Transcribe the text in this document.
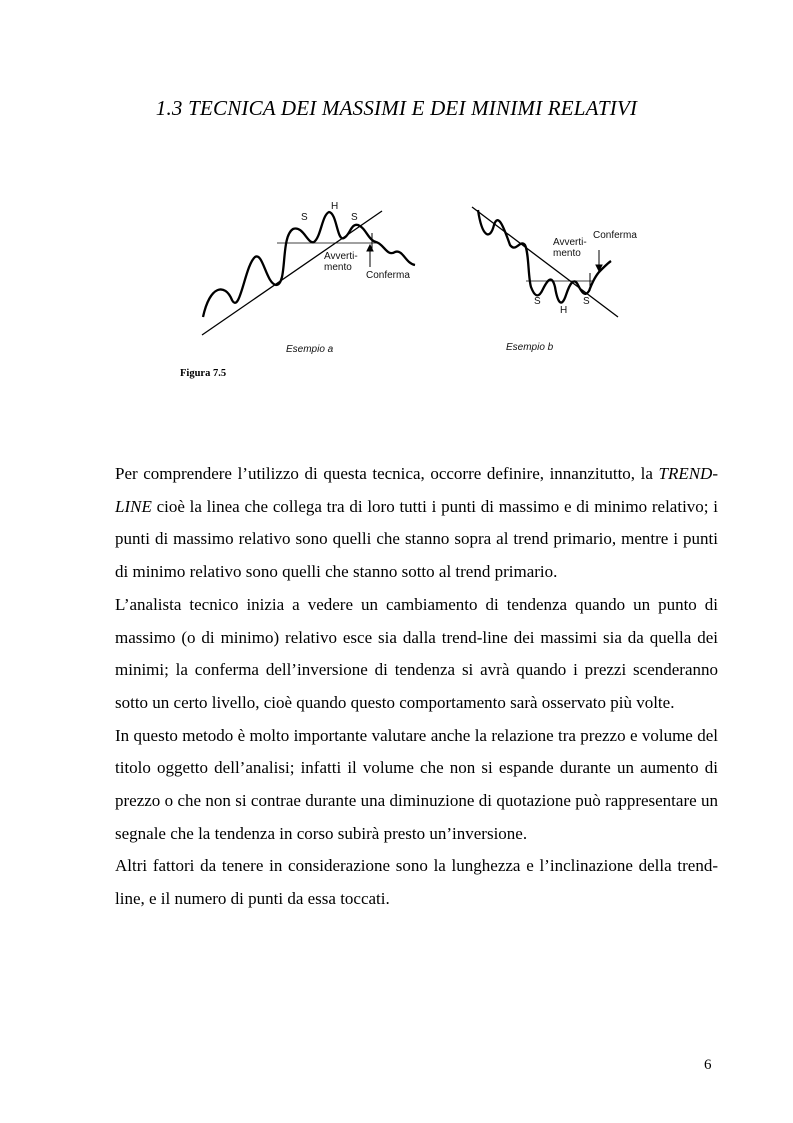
1.3 TECNICA DEI MASSIMI E DEI MINIMI RELATIVI
S
H
S
Avverti-
mento
Conferma
Esempio a
S
H
S
Avverti-
mento
Conferma
Esempio b
Figura 7.5

Per comprendere l’utilizzo di questa tecnica, occorre definire, innanzitutto, la TREND-LINE cioè la linea che collega tra di loro tutti i punti di massimo e di minimo relativo; i punti di massimo relativo sono quelli che stanno sopra al trend primario, mentre i punti di minimo relativo sono quelli che stanno sotto al trend primario.

L’analista tecnico inizia a vedere un cambiamento di tendenza quando un punto di massimo (o di minimo) relativo esce sia dalla trend-line dei massimi sia da quella dei minimi; la conferma dell’inversione di tendenza si avrà quando i prezzi scenderanno sotto un certo livello, cioè quando questo comportamento sarà osservato più volte.

In questo metodo è molto importante valutare anche la relazione tra prezzo e volume del titolo oggetto dell’analisi; infatti il volume che non si espande durante un aumento di prezzo o che non si contrae durante una diminuzione di quotazione può rappresentare un segnale che la tendenza in corso subirà presto un’inversione.

Altri fattori da tenere in considerazione sono la lunghezza e l’inclinazione della trend-line, e il numero di punti da essa toccati.

6
